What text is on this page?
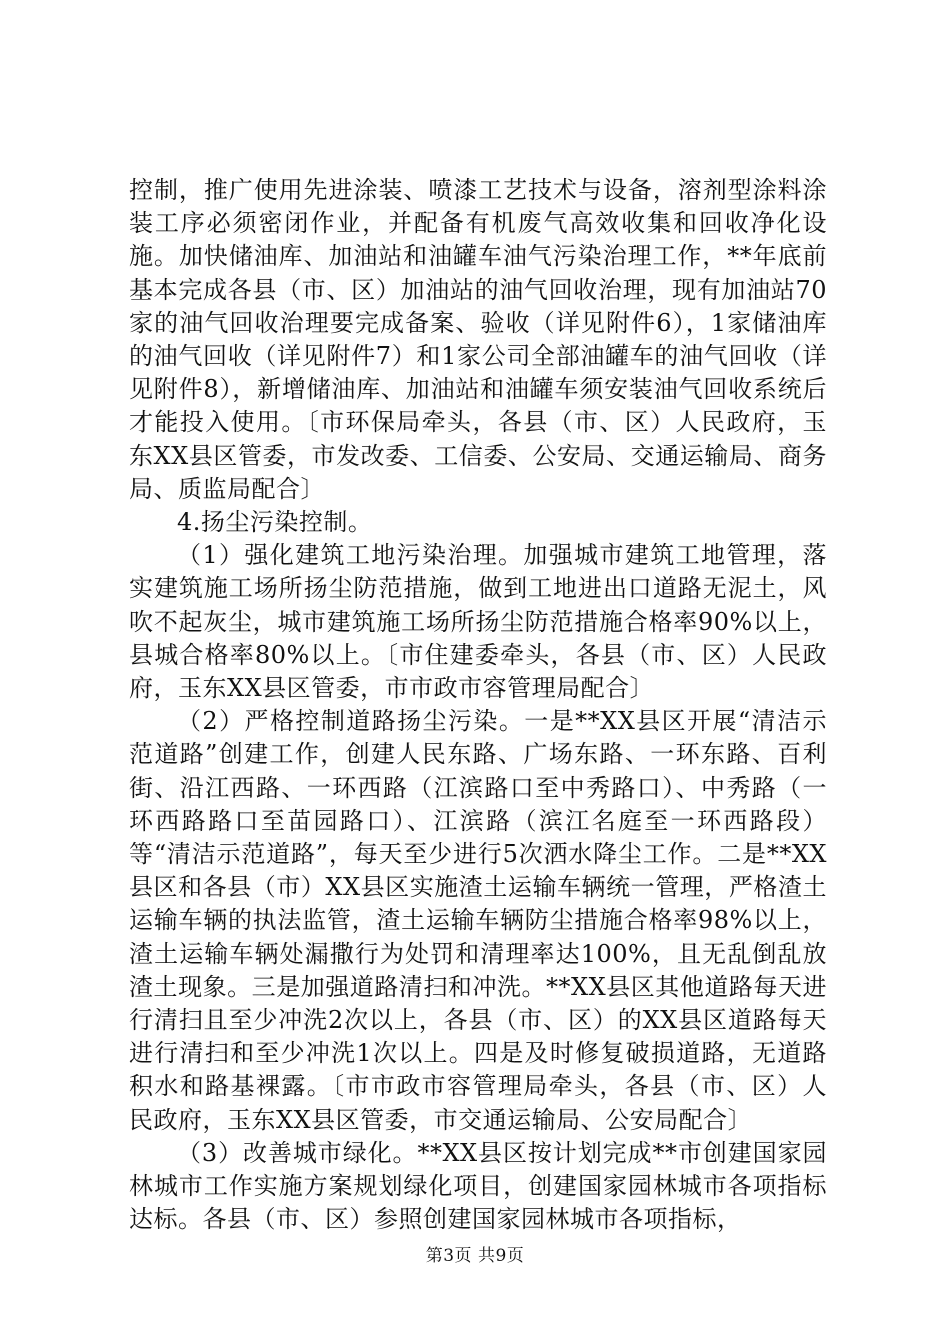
控制，推广使用先进涂装、喷漆工艺技术与设备，溶剂型涂料涂装工序必须密闭作业，并配备有机废气高效收集和回收净化设施。加快储油库、加油站和油罐车油气污染治理工作，**年底前基本完成各县（市、区）加油站的油气回收治理，现有加油站70家的油气回收治理要完成备案、验收（详见附件6），1家储油库的油气回收（详见附件7）和1家公司全部油罐车的油气回收（详见附件8），新增储油库、加油站和油罐车须安装油气回收系统后才能投入使用。〔市环保局牵头，各县（市、区）人民政府，玉东XX县区管委，市发改委、工信委、公安局、交通运输局、商务局、质监局配合〕

4.扬尘污染控制。

（1）强化建筑工地污染治理。加强城市建筑工地管理，落实建筑施工场所扬尘防范措施，做到工地进出口道路无泥土，风吹不起灰尘，城市建筑施工场所扬尘防范措施合格率90%以上，县城合格率80%以上。〔市住建委牵头，各县（市、区）人民政府，玉东XX县区管委，市市政市容管理局配合〕

（2）严格控制道路扬尘污染。一是**XX县区开展“清洁示范道路”创建工作，创建人民东路、广场东路、一环东路、百利街、沿江西路、一环西路（江滨路口至中秀路口）、中秀路（一环西路路口至苗园路口）、江滨路（滨江名庭至一环西路段）等“清洁示范道路”，每天至少进行5次洒水降尘工作。二是**XX县区和各县（市）XX县区实施渣土运输车辆统一管理，严格渣土运输车辆的执法监管，渣土运输车辆防尘措施合格率98%以上，渣土运输车辆处漏撒行为处罚和清理率达100%，且无乱倒乱放渣土现象。三是加强道路清扫和冲洗。**XX县区其他道路每天进行清扫且至少冲洗2次以上，各县（市、区）的XX县区道路每天进行清扫和至少冲洗1次以上。四是及时修复破损道路，无道路积水和路基裸露。〔市市政市容管理局牵头，各县（市、区）人民政府，玉东XX县区管委，市交通运输局、公安局配合〕

（3）改善城市绿化。**XX县区按计划完成**市创建国家园林城市工作实施方案规划绿化项目，创建国家园林城市各项指标达标。各县（市、区）参照创建国家园林城市各项指标，

第3页 共9页
